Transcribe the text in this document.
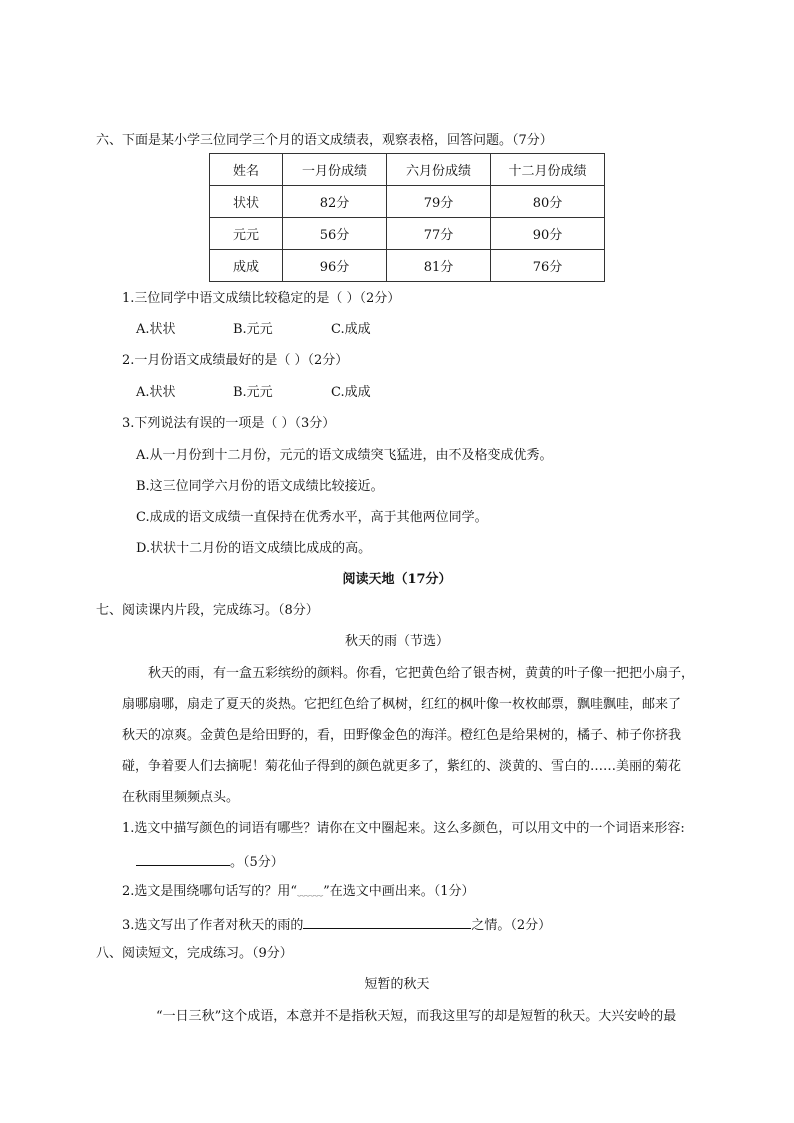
六、下面是某小学三位同学三个月的语文成绩表，观察表格，回答问题。（7分）
姓名	一月份成绩	六月份成绩	十二月份成绩
状状	82分	79分	80分
元元	56分	77分	90分
成成	96分	81分	76分
1.三位同学中语文成绩比较稳定的是（ ）（2分）
A.状状	B.元元	C.成成
2.一月份语文成绩最好的是（ ）（2分）
A.状状	B.元元	C.成成
3.下列说法有误的一项是（ ）（3分）
A.从一月份到十二月份，元元的语文成绩突飞猛进，由不及格变成优秀。
B.这三位同学六月份的语文成绩比较接近。
C.成成的语文成绩一直保持在优秀水平，高于其他两位同学。
D.状状十二月份的语文成绩比成成的高。
阅读天地（17分）
七、阅读课内片段，完成练习。（8分）
秋天的雨（节选）
秋天的雨，有一盒五彩缤纷的颜料。你看，它把黄色给了银杏树，黄黄的叶子像一把把小扇子，
扇哪扇哪，扇走了夏天的炎热。它把红色给了枫树，红红的枫叶像一枚枚邮票，飘哇飘哇，邮来了
秋天的凉爽。金黄色是给田野的，看，田野像金色的海洋。橙红色是给果树的，橘子、柿子你挤我
碰，争着要人们去摘呢！菊花仙子得到的颜色就更多了，紫红的、淡黄的、雪白的……美丽的菊花
在秋雨里频频点头。
1.选文中描写颜色的词语有哪些？请你在文中圈起来。这么多颜色，可以用文中的一个词语来形容:
。（5分）
2.选文是围绕哪句话写的？用“﹏﹏”在选文中画出来。（1分）
3.选文写出了作者对秋天的雨的	之情。（2分）
八、阅读短文，完成练习。（9分）
短暂的秋天
“一日三秋”这个成语，本意并不是指秋天短，而我这里写的却是短暂的秋天。大兴安岭的最
